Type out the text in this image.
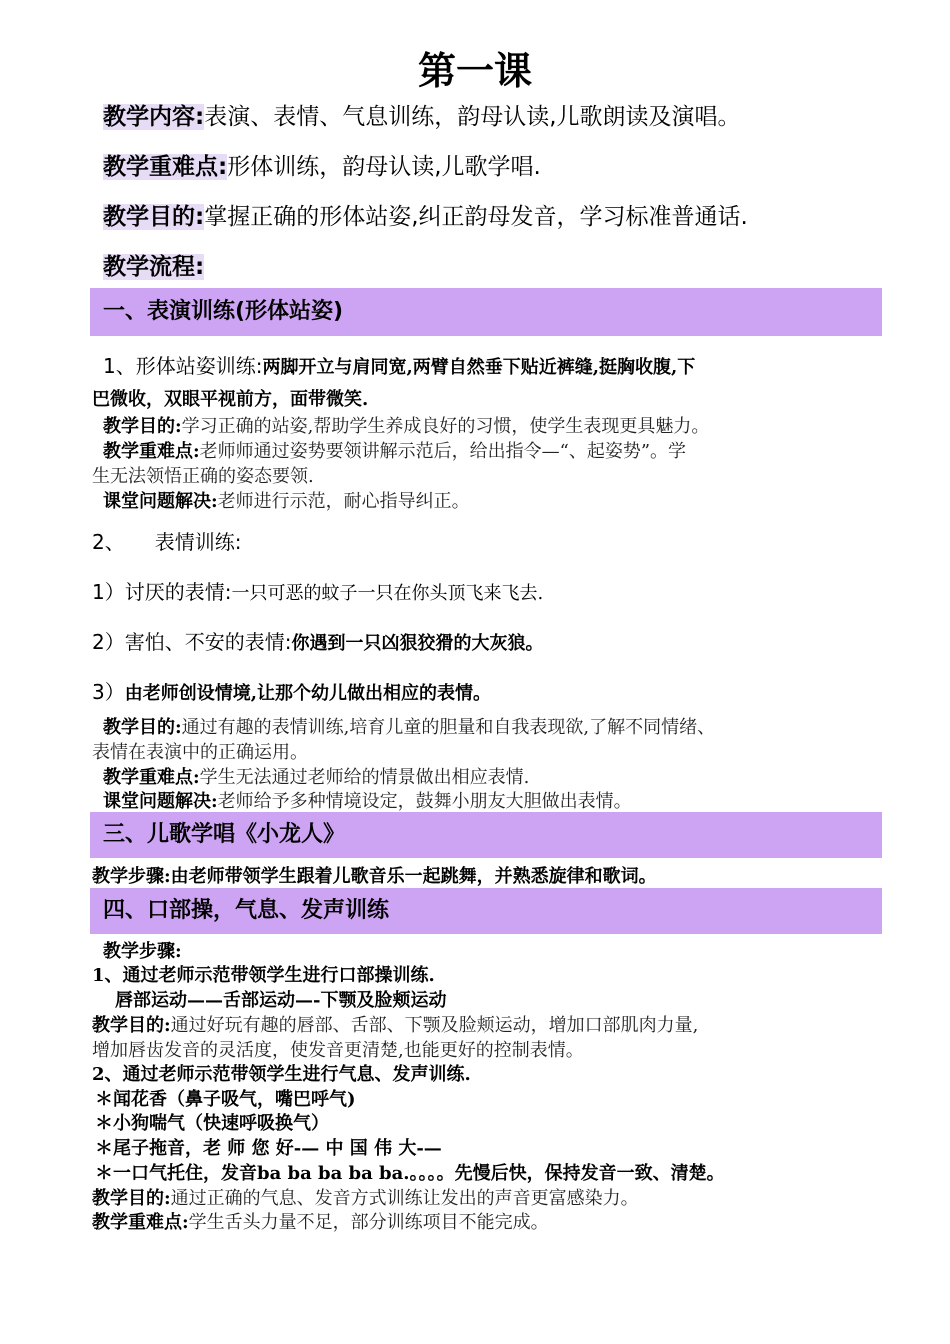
第一课
教学内容:表演、表情、气息训练，韵母认读,儿歌朗读及演唱。
教学重难点:形体训练，韵母认读,儿歌学唱.
教学目的:掌握正确的形体站姿,纠正韵母发音，学习标准普通话.
教学流程:
一、表演训练(形体站姿)
1、形体站姿训练:两脚开立与肩同宽,两臂自然垂下贴近裤缝,挺胸收腹,下
巴微收，双眼平视前方，面带微笑.
教学目的:学习正确的站姿,帮助学生养成良好的习惯，使学生表现更具魅力。
教学重难点:老师师通过姿势要领讲解示范后，给出指令—“、起姿势”。学
生无法领悟正确的姿态要领.
课堂问题解决:老师进行示范，耐心指导纠正。
2、 表情训练:
1）讨厌的表情:一只可恶的蚊子一只在你头顶飞来飞去.
2）害怕、不安的表情:你遇到一只凶狠狡猾的大灰狼。
3）由老师创设情境,让那个幼儿做出相应的表情。
教学目的:通过有趣的表情训练,培育儿童的胆量和自我表现欲,了解不同情绪、
表情在表演中的正确运用。
教学重难点:学生无法通过老师给的情景做出相应表情.
课堂问题解决:老师给予多种情境设定，鼓舞小朋友大胆做出表情。
三、儿歌学唱《小龙人》
教学步骤:由老师带领学生跟着儿歌音乐一起跳舞，并熟悉旋律和歌词。
四、口部操，气息、发声训练
教学步骤:
1、通过老师示范带领学生进行口部操训练.
唇部运动——舌部运动—-下颚及脸颊运动
教学目的:通过好玩有趣的唇部、舌部、下颚及脸颊运动，增加口部肌肉力量,
增加唇齿发音的灵活度，使发音更清楚,也能更好的控制表情。
2、通过老师示范带领学生进行气息、发声训练.
＊闻花香（鼻子吸气，嘴巴呼气)
＊小狗喘气（快速呼吸换气）
＊尾子拖音，老 师 您 好-— 中 国 伟 大-—
＊一口气托住，发音ba ba ba ba ba.。。。。先慢后快，保持发音一致、清楚。
教学目的:通过正确的气息、发音方式训练让发出的声音更富感染力。
教学重难点:学生舌头力量不足，部分训练项目不能完成。
